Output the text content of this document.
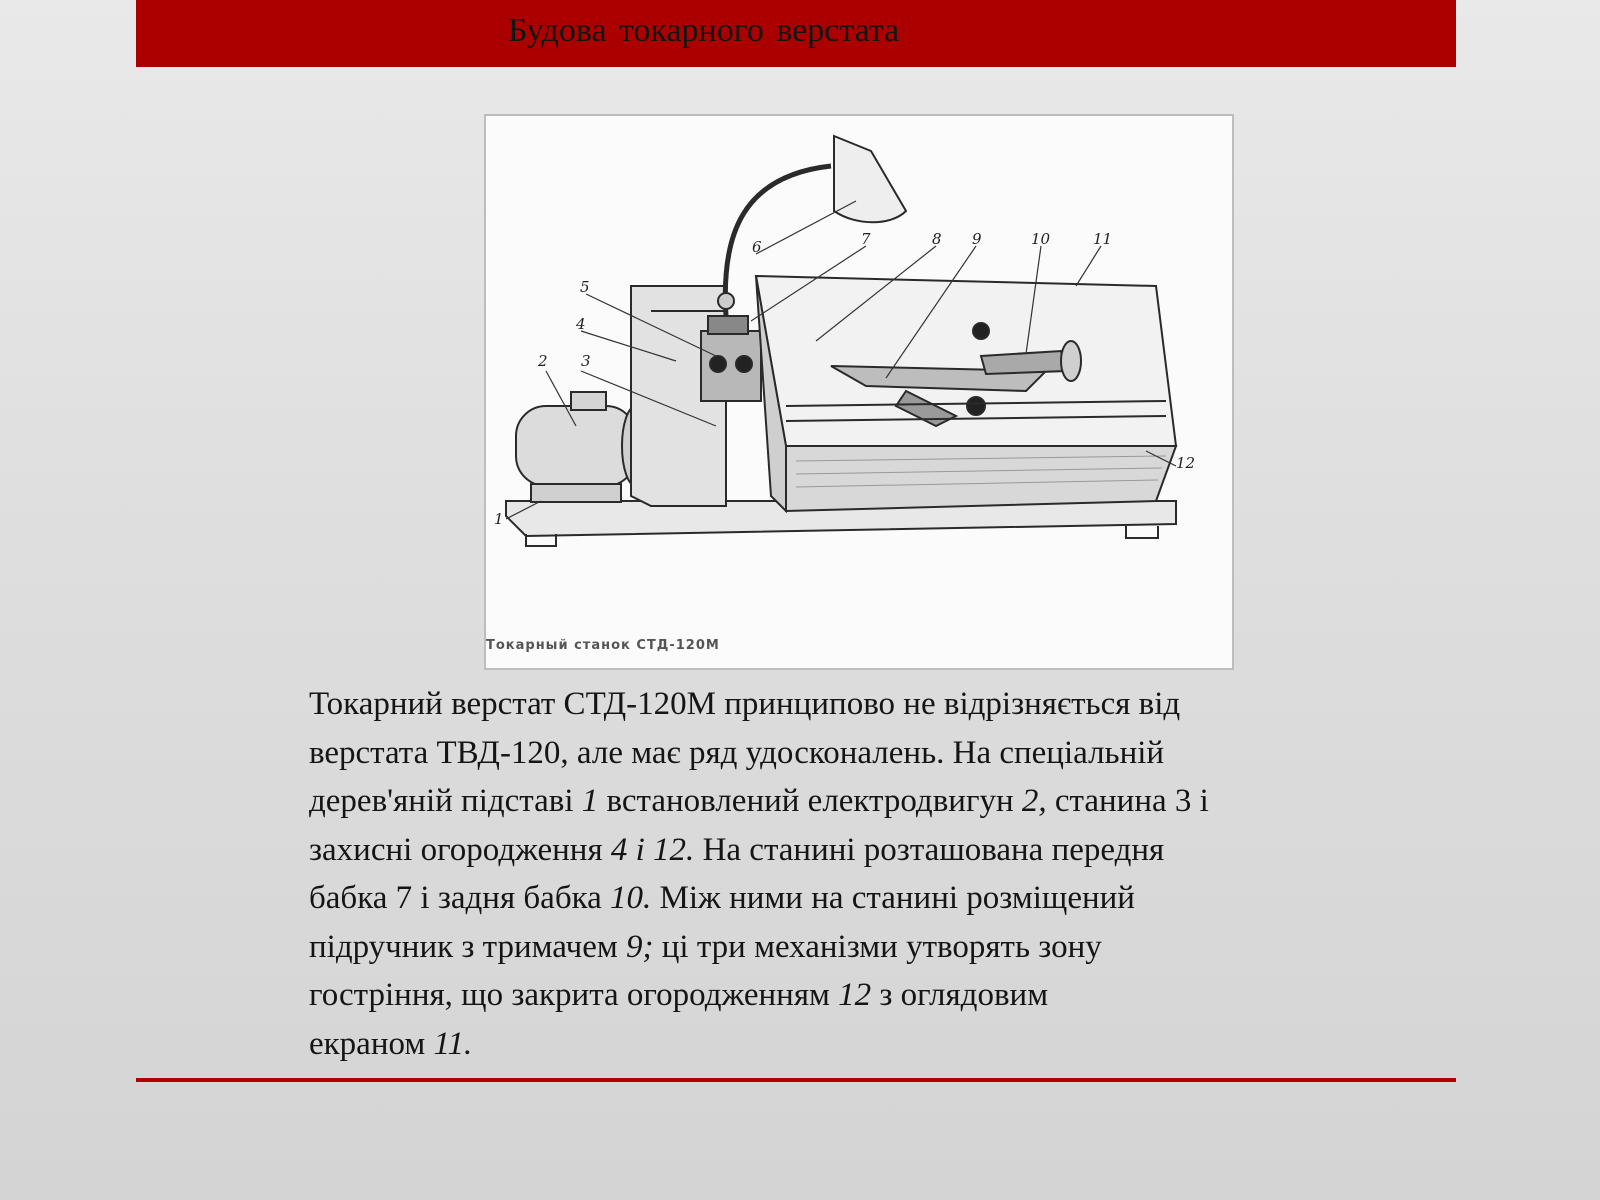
Будова токарного верстата
1
2 3
4
5
6	7	8 9	10	11
12
Токарный станок СТД-120М

Токарний верстат СТД-120М принципово не відрізняється від

верстата ТВД-120, але має ряд удосконалень. На спеціальній

дерев'яній підставі 1 встановлений електродвигун 2, станина 3 і

захисні огородження 4 і 12. На станині розташована передня

бабка 7 і задня бабка 10. Між ними на станині розміщений

підручник з тримачем 9; ці три механізми утворять зону

гостріння, що закрита огородженням 12 з оглядовим

екраном 11.
